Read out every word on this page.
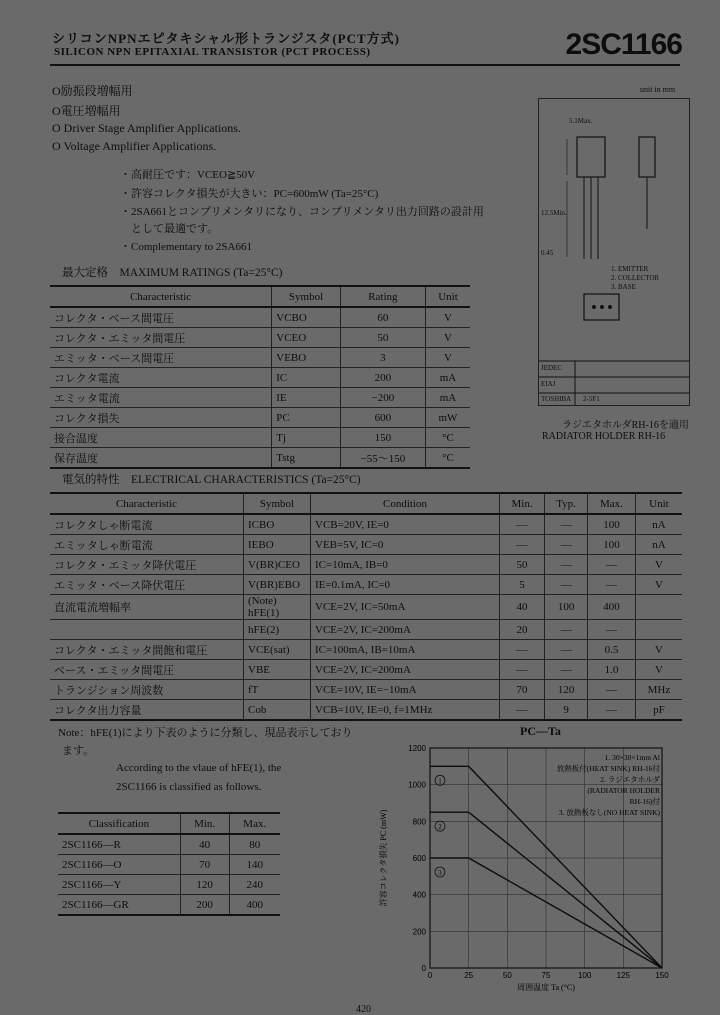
シリコンNPNエピタキシャル形トランジスタ(PCT方式)
SILICON NPN EPITAXIAL TRANSISTOR (PCT PROCESS)	2SC1166
O励振段増幅用
O電圧増幅用
O Driver Stage Amplifier Applications.
O Voltage Amplifier Applications.
・高耐圧です：VCEO≧50V
・許容コレクタ損失が大きい：PC=600mW (Ta=25°C)
・2SA661とコンプリメンタリになり、コンプリメンタリ出力回路の設計用
　として最適です。
・Complementary to 2SA661
unit in mm
5.1Max.
12.5Min.
0.45
1. EMITTER
2. COLLECTOR
3. BASE
JEDEC
EIAJ
TOSHIBA 2-5F1
ラジエタホルダRH-16を適用
RADIATOR HOLDER RH-16
最大定格　MAXIMUM RATINGS (Ta=25°C)
Characteristic	Symbol	Rating	Unit
コレクタ・ベース間電圧	VCBO	60	V
コレクタ・エミッタ間電圧	VCEO	50	V
エミッタ・ベース間電圧	VEBO	3	V
コレクタ電流	IC	200	mA
エミッタ電流	IE	−200	mA
コレクタ損失	PC	600	mW
接合温度	Tj	150	°C
保存温度	Tstg	−55〜150	°C
電気的特性　ELECTRICAL CHARACTERISTICS (Ta=25°C)
Characteristic	Symbol	Condition	Min.	Typ.	Max.	Unit
コレクタしゃ断電流	ICBO	VCB=20V, IE=0	—	—	100	nA
エミッタしゃ断電流	IEBO	VEB=5V, IC=0	—	—	100	nA
コレクタ・エミッタ降伏電圧	V(BR)CEO	IC=10mA, IB=0	50	—	—	V
エミッタ・ベース降伏電圧	V(BR)EBO	IE=0.1mA, IC=0	5	—	—	V
直流電流増幅率	(Note) hFE(1)	VCE=2V, IC=50mA	40	100	400	
	hFE(2)	VCE=2V, IC=200mA	20	—	—	
コレクタ・エミッタ間飽和電圧	VCE(sat)	IC=100mA, IB=10mA	—	—	0.5	V
ベース・エミッタ間電圧	VBE	VCE=2V, IC=200mA	—	—	1.0	V
トランジション周波数	fT	VCE=10V, IE=−10mA	70	120	—	MHz
コレクタ出力容量	Cob	VCB=10V, IE=0, f=1MHz	—	9	—	pF
Note：hFE(1)により下表のように分類し、現品表示しており
ます。
According to the vlaue of hFE(1), the
2SC1166 is classified as follows.
Classification	Min.	Max.
2SC1166—R	40	80
2SC1166—O	70	140
2SC1166—Y	120	240
2SC1166—GR	200	400
PC—Ta
0	25	50	75	100	125	150
0
200
400
600
800
1000
1200
周囲温度 Ta (°C)
許容コレクタ損失 PC (mW)
1
2
3
1. 30×30×1mm Al
放熱板付(HEAT SINK) RH-16付
2. ラジエタホルダ
(RADIATOR HOLDER
RH-16)付
3. 放熱板なし(NO HEAT SINK)
420
